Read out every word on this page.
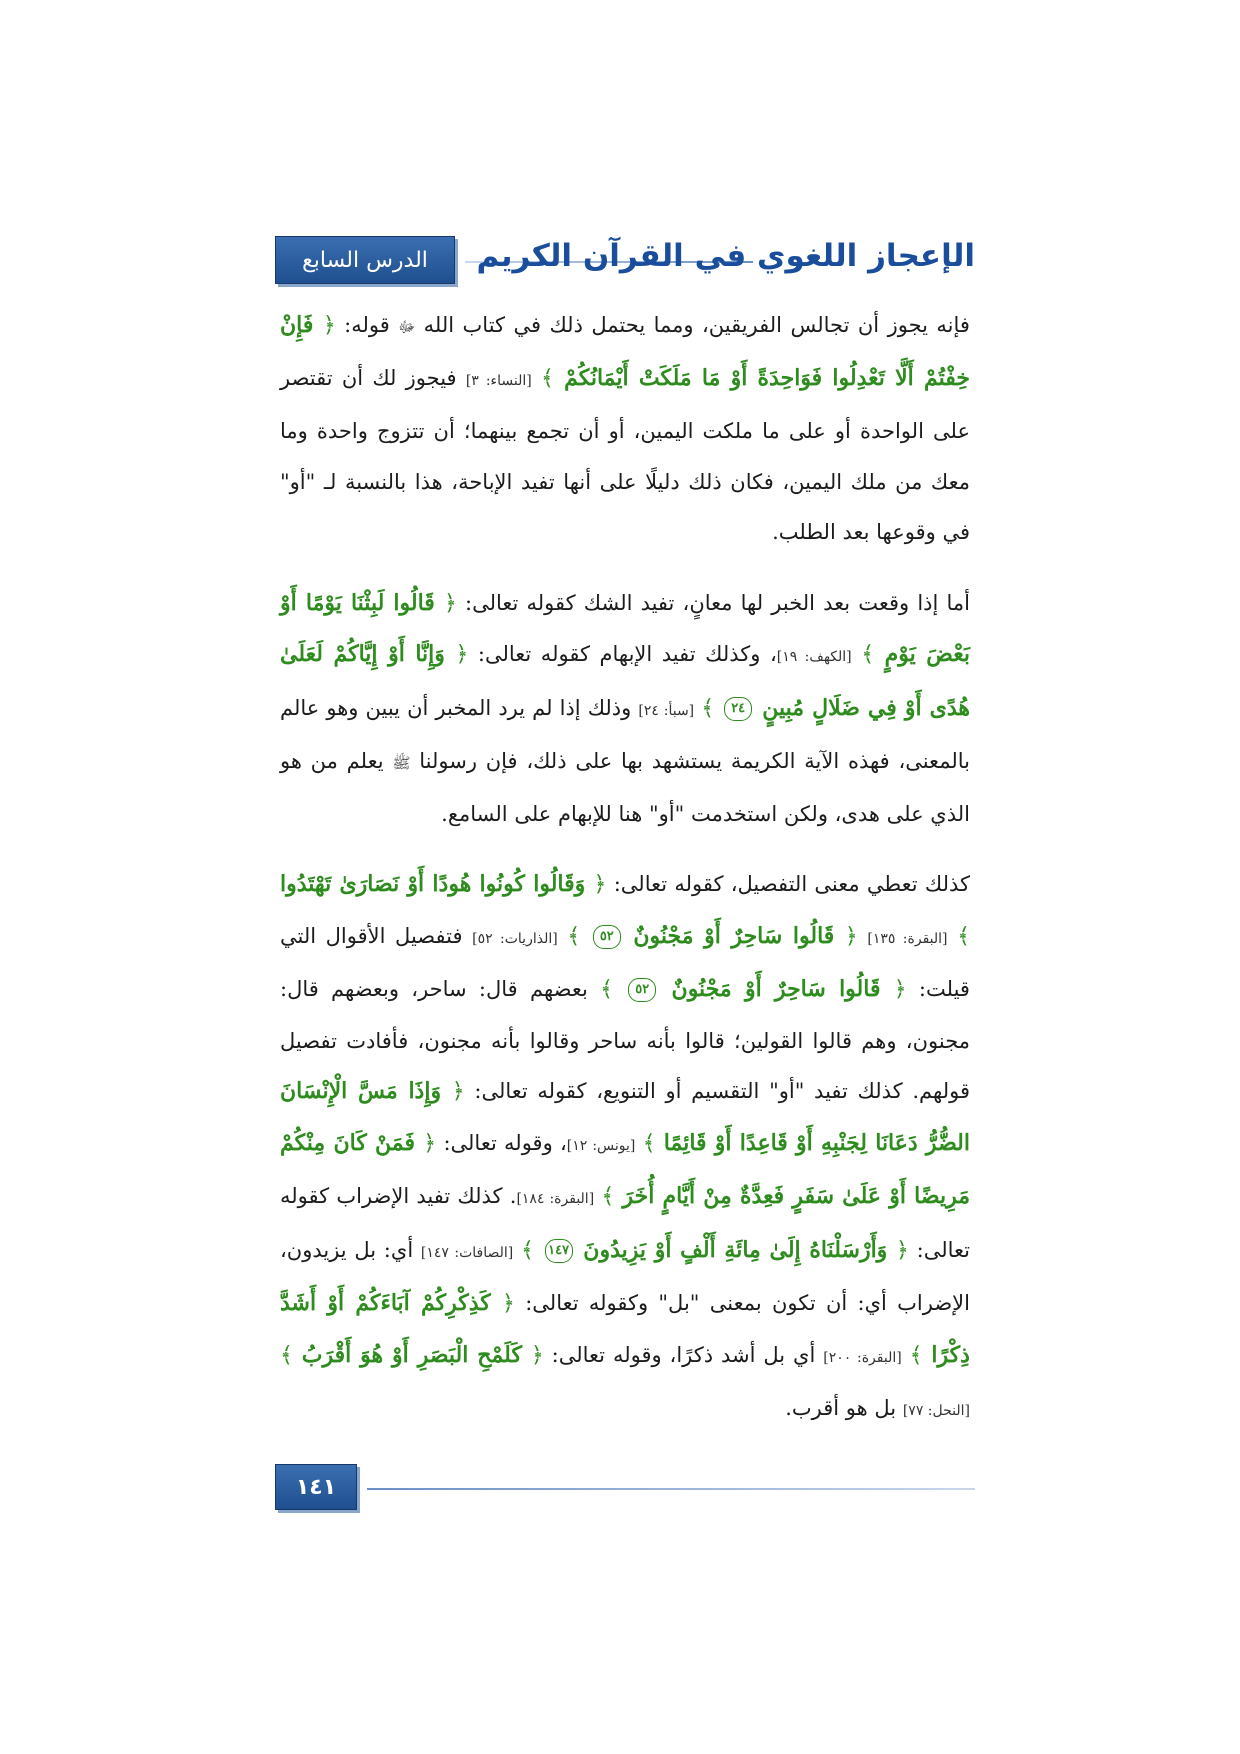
الدرس السابع الإعجاز اللغوي في القرآن الكريم

فإنه يجوز أن تجالس الفريقين، ومما يحتمل ذلك في كتاب الله ﷻ قوله: ﴿ فَإِنْ خِفْتُمْ أَلَّا تَعْدِلُوا فَوَاحِدَةً أَوْ مَا مَلَكَتْ أَيْمَانُكُمْ ﴾ [النساء: ٣] فيجوز لك أن تقتصر على الواحدة أو على ما ملكت اليمين، أو أن تجمع بينهما؛ أن تتزوج واحدة وما معك من ملك اليمين، فكان ذلك دليلًا على أنها تفيد الإباحة، هذا بالنسبة لـ "أو" في وقوعها بعد الطلب.

أما إذا وقعت بعد الخبر لها معانٍ، تفيد الشك كقوله تعالى: ﴿ قَالُوا لَبِثْنَا يَوْمًا أَوْ بَعْضَ يَوْمٍ ﴾ [الكهف: ١٩]، وكذلك تفيد الإبهام كقوله تعالى: ﴿ وَإِنَّا أَوْ إِيَّاكُمْ لَعَلَىٰ هُدًى أَوْ فِي ضَلَالٍ مُبِينٍ ٢٤ ﴾ [سبأ: ٢٤] وذلك إذا لم يرد المخبر أن يبين وهو عالم بالمعنى، فهذه الآية الكريمة يستشهد بها على ذلك، فإن رسولنا ﷺ يعلم من هو الذي على هدى، ولكن استخدمت "أو" هنا للإبهام على السامع.

كذلك تعطي معنى التفصيل، كقوله تعالى: ﴿ وَقَالُوا كُونُوا هُودًا أَوْ نَصَارَىٰ تَهْتَدُوا ﴾ [البقرة: ١٣٥] ﴿ قَالُوا سَاحِرٌ أَوْ مَجْنُونٌ ٥٢ ﴾ [الذاريات: ٥٢] فتفصيل الأقوال التي قيلت: ﴿ قَالُوا سَاحِرٌ أَوْ مَجْنُونٌ ٥٢ ﴾ بعضهم قال: ساحر، وبعضهم قال: مجنون، وهم قالوا القولين؛ قالوا بأنه ساحر وقالوا بأنه مجنون، فأفادت تفصيل قولهم. كذلك تفيد "أو" التقسيم أو التنويع، كقوله تعالى: ﴿ وَإِذَا مَسَّ الْإِنْسَانَ الضُّرُّ دَعَانَا لِجَنْبِهِ أَوْ قَاعِدًا أَوْ قَائِمًا ﴾ [يونس: ١٢]، وقوله تعالى: ﴿ فَمَنْ كَانَ مِنْكُمْ مَرِيضًا أَوْ عَلَىٰ سَفَرٍ فَعِدَّةٌ مِنْ أَيَّامٍ أُخَرَ ﴾ [البقرة: ١٨٤]. كذلك تفيد الإضراب كقوله تعالى: ﴿ وَأَرْسَلْنَاهُ إِلَىٰ مِائَةِ أَلْفٍ أَوْ يَزِيدُونَ ١٤٧ ﴾ [الصافات: ١٤٧] أي: بل يزيدون، الإضراب أي: أن تكون بمعنى "بل" وكقوله تعالى: ﴿ كَذِكْرِكُمْ آبَاءَكُمْ أَوْ أَشَدَّ ذِكْرًا ﴾ [البقرة: ٢٠٠] أي بل أشد ذكرًا، وقوله تعالى: ﴿ كَلَمْحِ الْبَصَرِ أَوْ هُوَ أَقْرَبُ ﴾ [النحل: ٧٧] بل هو أقرب.

١٤١
